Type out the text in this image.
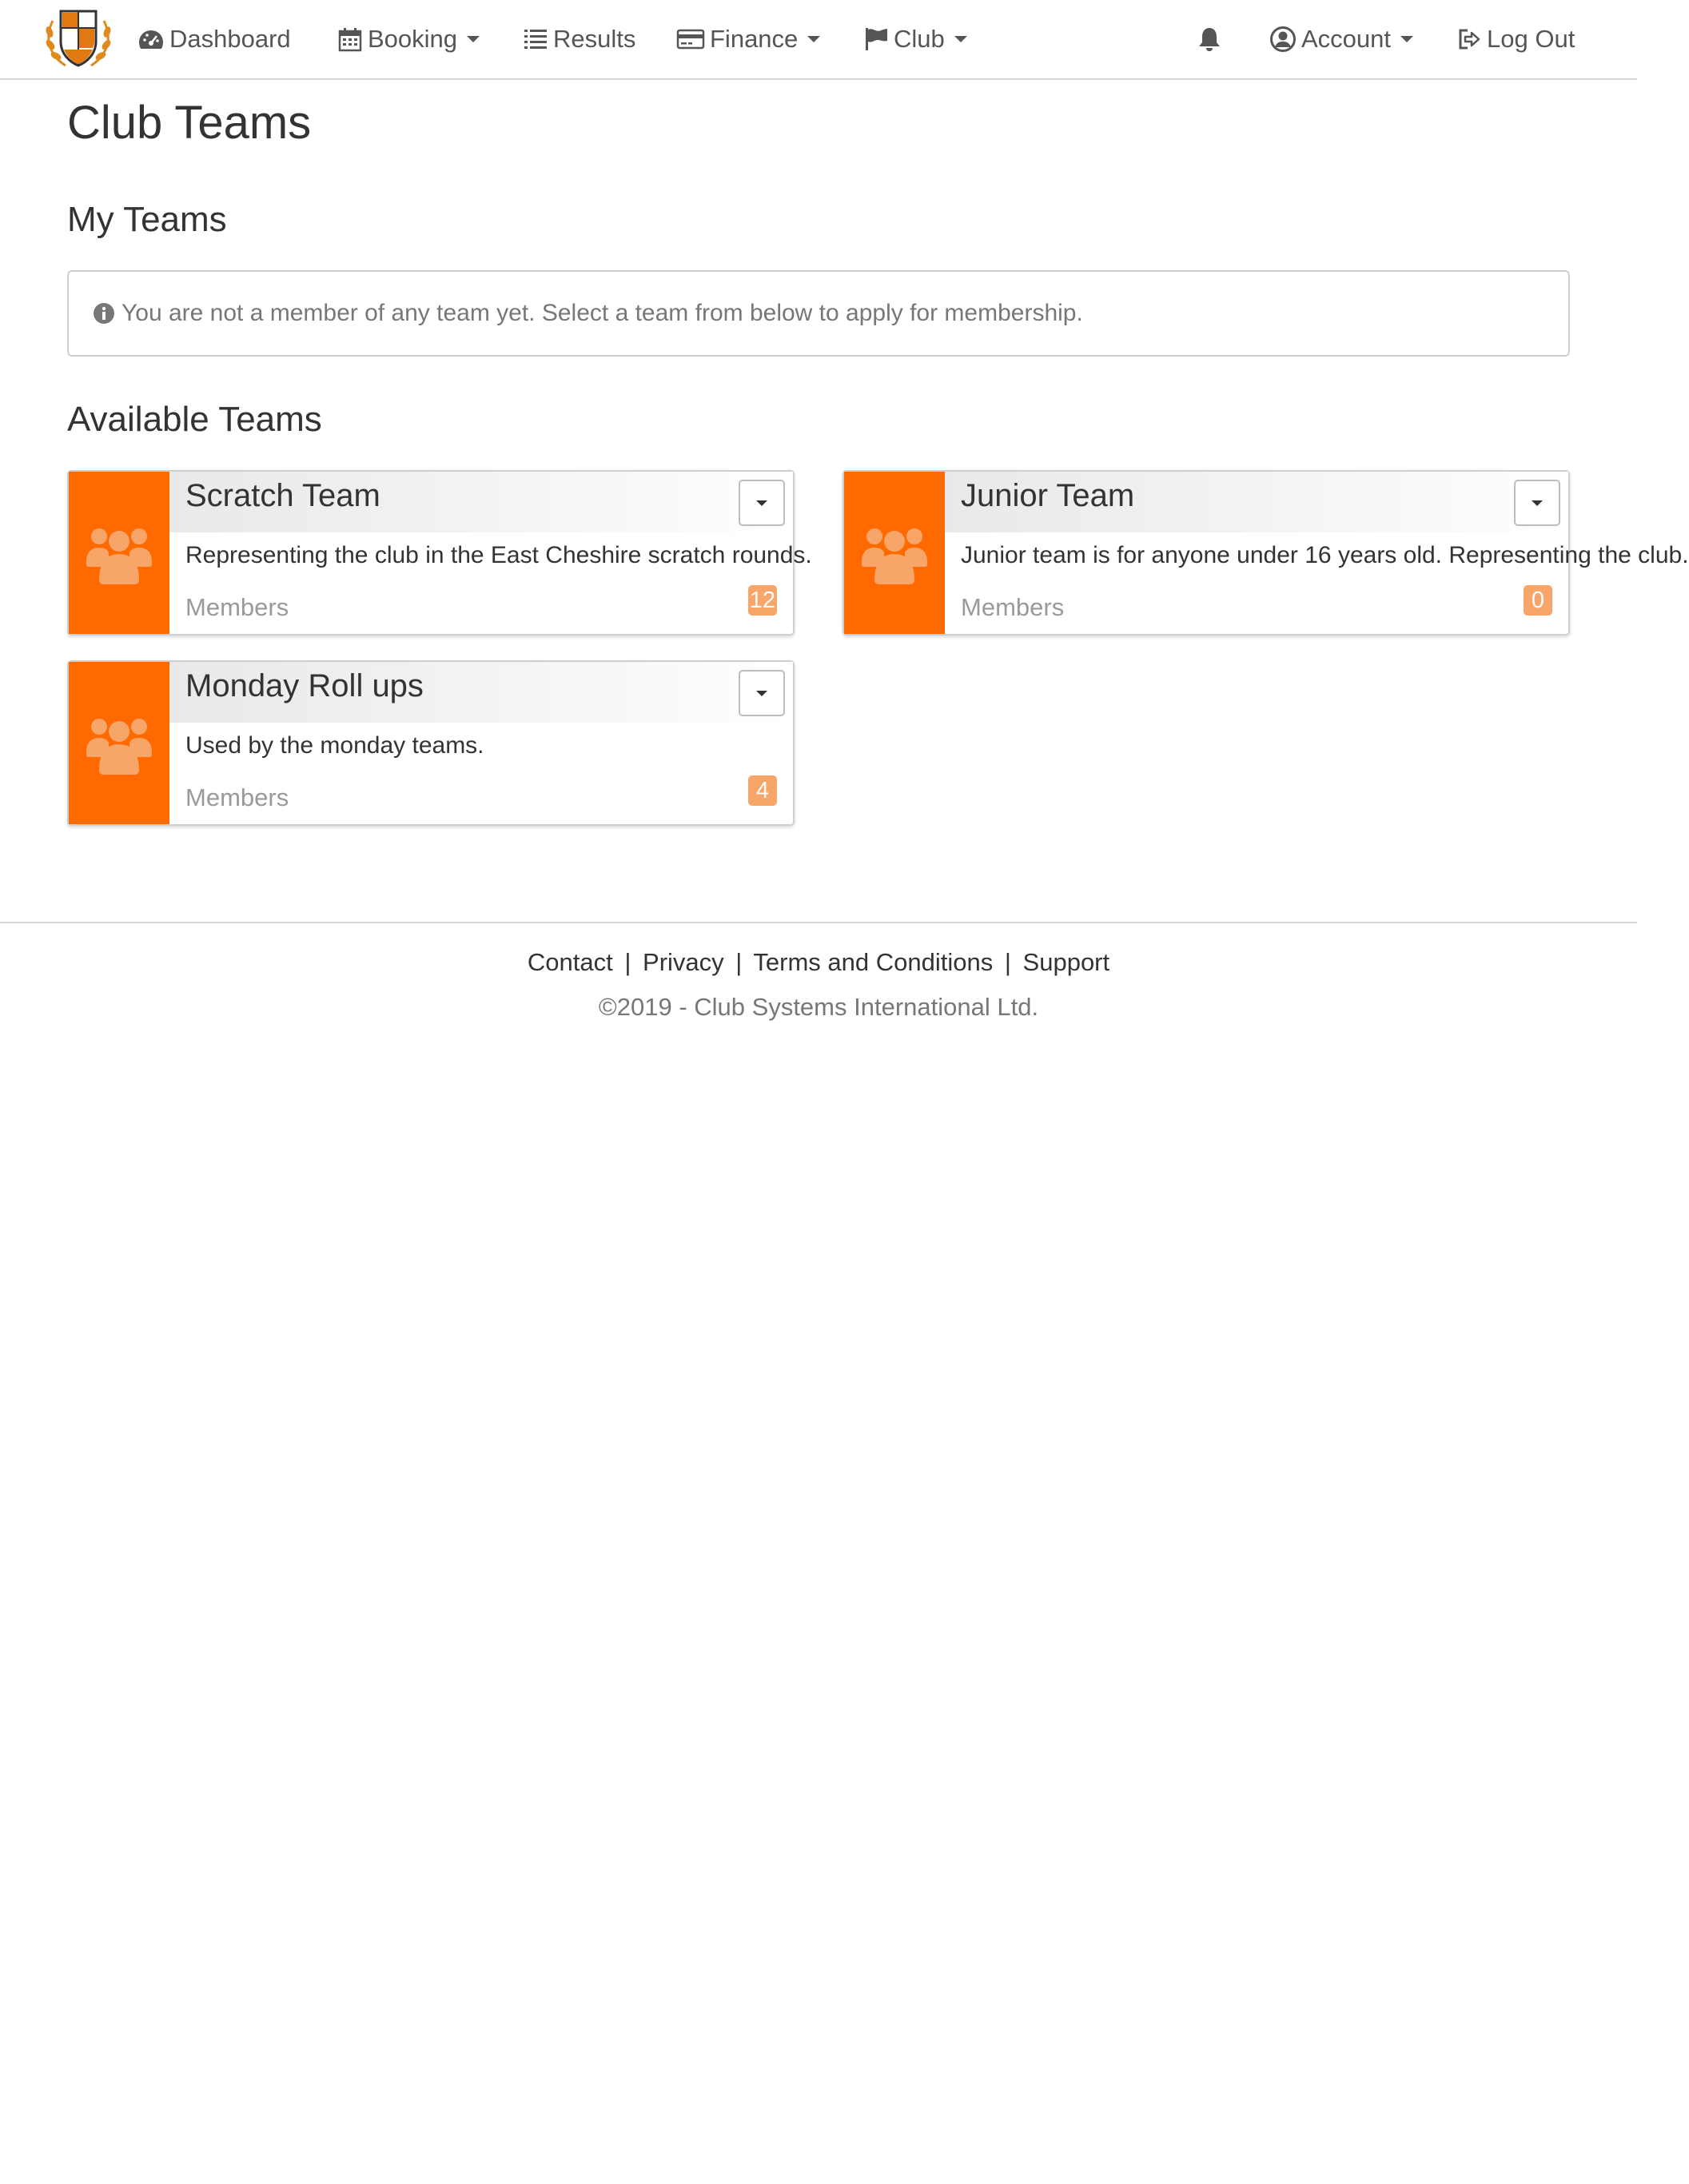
Dashboard	Booking	Results	Finance	Club	Account	Log Out
Club Teams
My Teams
You are not a member of any team yet. Select a team from below to apply for membership.
Available Teams
Scratch Team
Representing the club in the East Cheshire scratch rounds.
Members	12
Junior Team
Junior team is for anyone under 16 years old. Representing the club.
Members	0
Monday Roll ups
Used by the monday teams.
Members	4
Contact | Privacy | Terms and Conditions | Support
©2019 - Club Systems International Ltd.
